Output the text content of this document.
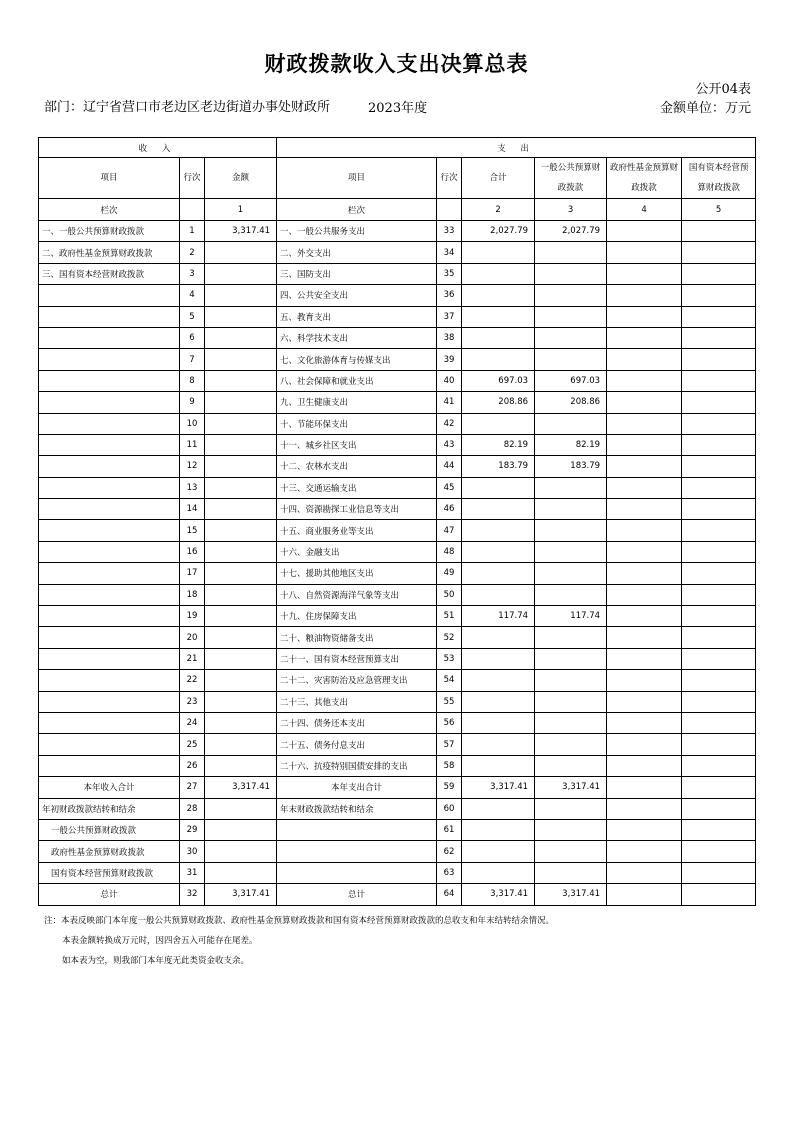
财政拨款收入支出决算总表
公开04表
部门：辽宁省营口市老边区老边街道办事处财政所	2023年度	金额单位：万元
收 入			支 出					
项目	行次	金额	项目	行次	合计	一般公共预算财政拨款	政府性基金预算财政拨款	国有资本经营预算财政拨款
栏次		1	栏次		2	3	4	5
一、一般公共预算财政拨款	1	3,317.41	一、一般公共服务支出	33	2,027.79	2,027.79		
二、政府性基金预算财政拨款	2		二、外交支出	34				
三、国有资本经营财政拨款	3		三、国防支出	35				
	4		四、公共安全支出	36				
	5		五、教育支出	37				
	6		六、科学技术支出	38				
	7		七、文化旅游体育与传媒支出	39				
	8		八、社会保障和就业支出	40	697.03	697.03		
	9		九、卫生健康支出	41	208.86	208.86		
	10		十、节能环保支出	42				
	11		十一、城乡社区支出	43	82.19	82.19		
	12		十二、农林水支出	44	183.79	183.79		
	13		十三、交通运输支出	45				
	14		十四、资源勘探工业信息等支出	46				
	15		十五、商业服务业等支出	47				
	16		十六、金融支出	48				
	17		十七、援助其他地区支出	49				
	18		十八、自然资源海洋气象等支出	50				
	19		十九、住房保障支出	51	117.74	117.74		
	20		二十、粮油物资储备支出	52				
	21		二十一、国有资本经营预算支出	53				
	22		二十二、灾害防治及应急管理支出	54				
	23		二十三、其他支出	55				
	24		二十四、债务还本支出	56				
	25		二十五、债务付息支出	57				
	26		二十六、抗疫特别国债安排的支出	58				
本年收入合计	27	3,317.41	本年支出合计	59	3,317.41	3,317.41		
年初财政拨款结转和结余	28		年末财政拨款结转和结余	60				
一般公共预算财政拨款	29			61				
政府性基金预算财政拨款	30			62				
国有资本经营预算财政拨款	31			63				
总计	32	3,317.41	总计	64	3,317.41	3,317.41		
注：本表反映部门本年度一般公共预算财政拨款、政府性基金预算财政拨款和国有资本经营预算财政拨款的总收支和年末结转结余情况。
本表金额转换成万元时，因四舍五入可能存在尾差。
如本表为空，则我部门本年度无此类资金收支余。
